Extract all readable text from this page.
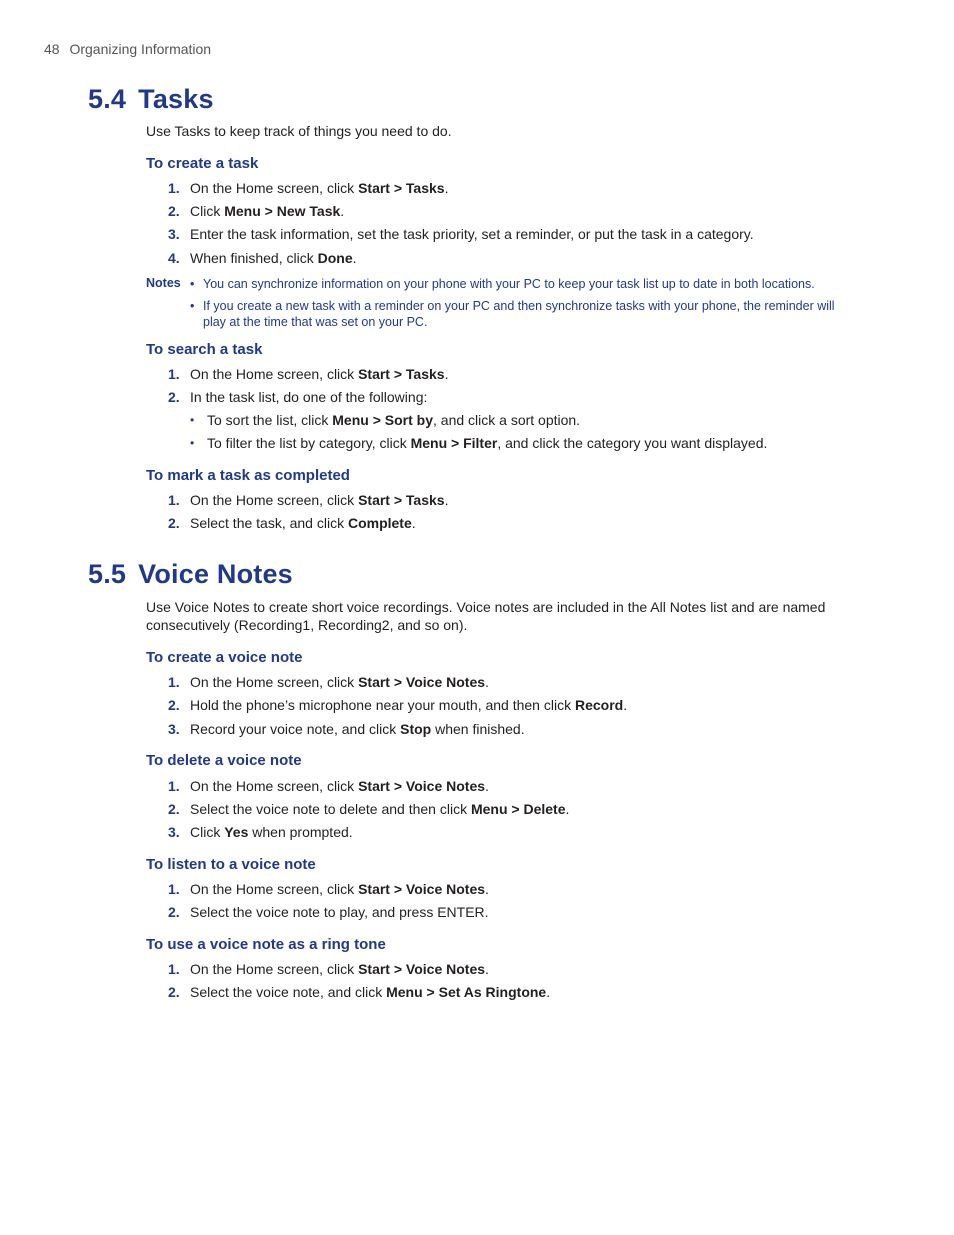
48 Organizing Information
5.4 Tasks

Use Tasks to keep track of things you need to do.

To create a task
1. On the Home screen, click Start > Tasks.
2. Click Menu > New Task.
3. Enter the task information, set the task priority, set a reminder, or put the task in a category.
4. When finished, click Done.
Notes • You can synchronize information on your phone with your PC to keep your task list up to date in both locations.
• If you create a new task with a reminder on your PC and then synchronize tasks with your phone, the reminder will play at the time that was set on your PC.
To search a task
1. On the Home screen, click Start > Tasks.
2. In the task list, do one of the following:
• To sort the list, click Menu > Sort by, and click a sort option.
• To filter the list by category, click Menu > Filter, and click the category you want displayed.
To mark a task as completed
1. On the Home screen, click Start > Tasks.
2. Select the task, and click Complete.
5.5 Voice Notes

Use Voice Notes to create short voice recordings. Voice notes are included in the All Notes list and are named consecutively (Recording1, Recording2, and so on).

To create a voice note
1. On the Home screen, click Start > Voice Notes.
2. Hold the phone’s microphone near your mouth, and then click Record.
3. Record your voice note, and click Stop when finished.
To delete a voice note
1. On the Home screen, click Start > Voice Notes.
2. Select the voice note to delete and then click Menu > Delete.
3. Click Yes when prompted.
To listen to a voice note
1. On the Home screen, click Start > Voice Notes.
2. Select the voice note to play, and press ENTER.
To use a voice note as a ring tone
1. On the Home screen, click Start > Voice Notes.
2. Select the voice note, and click Menu > Set As Ringtone.
